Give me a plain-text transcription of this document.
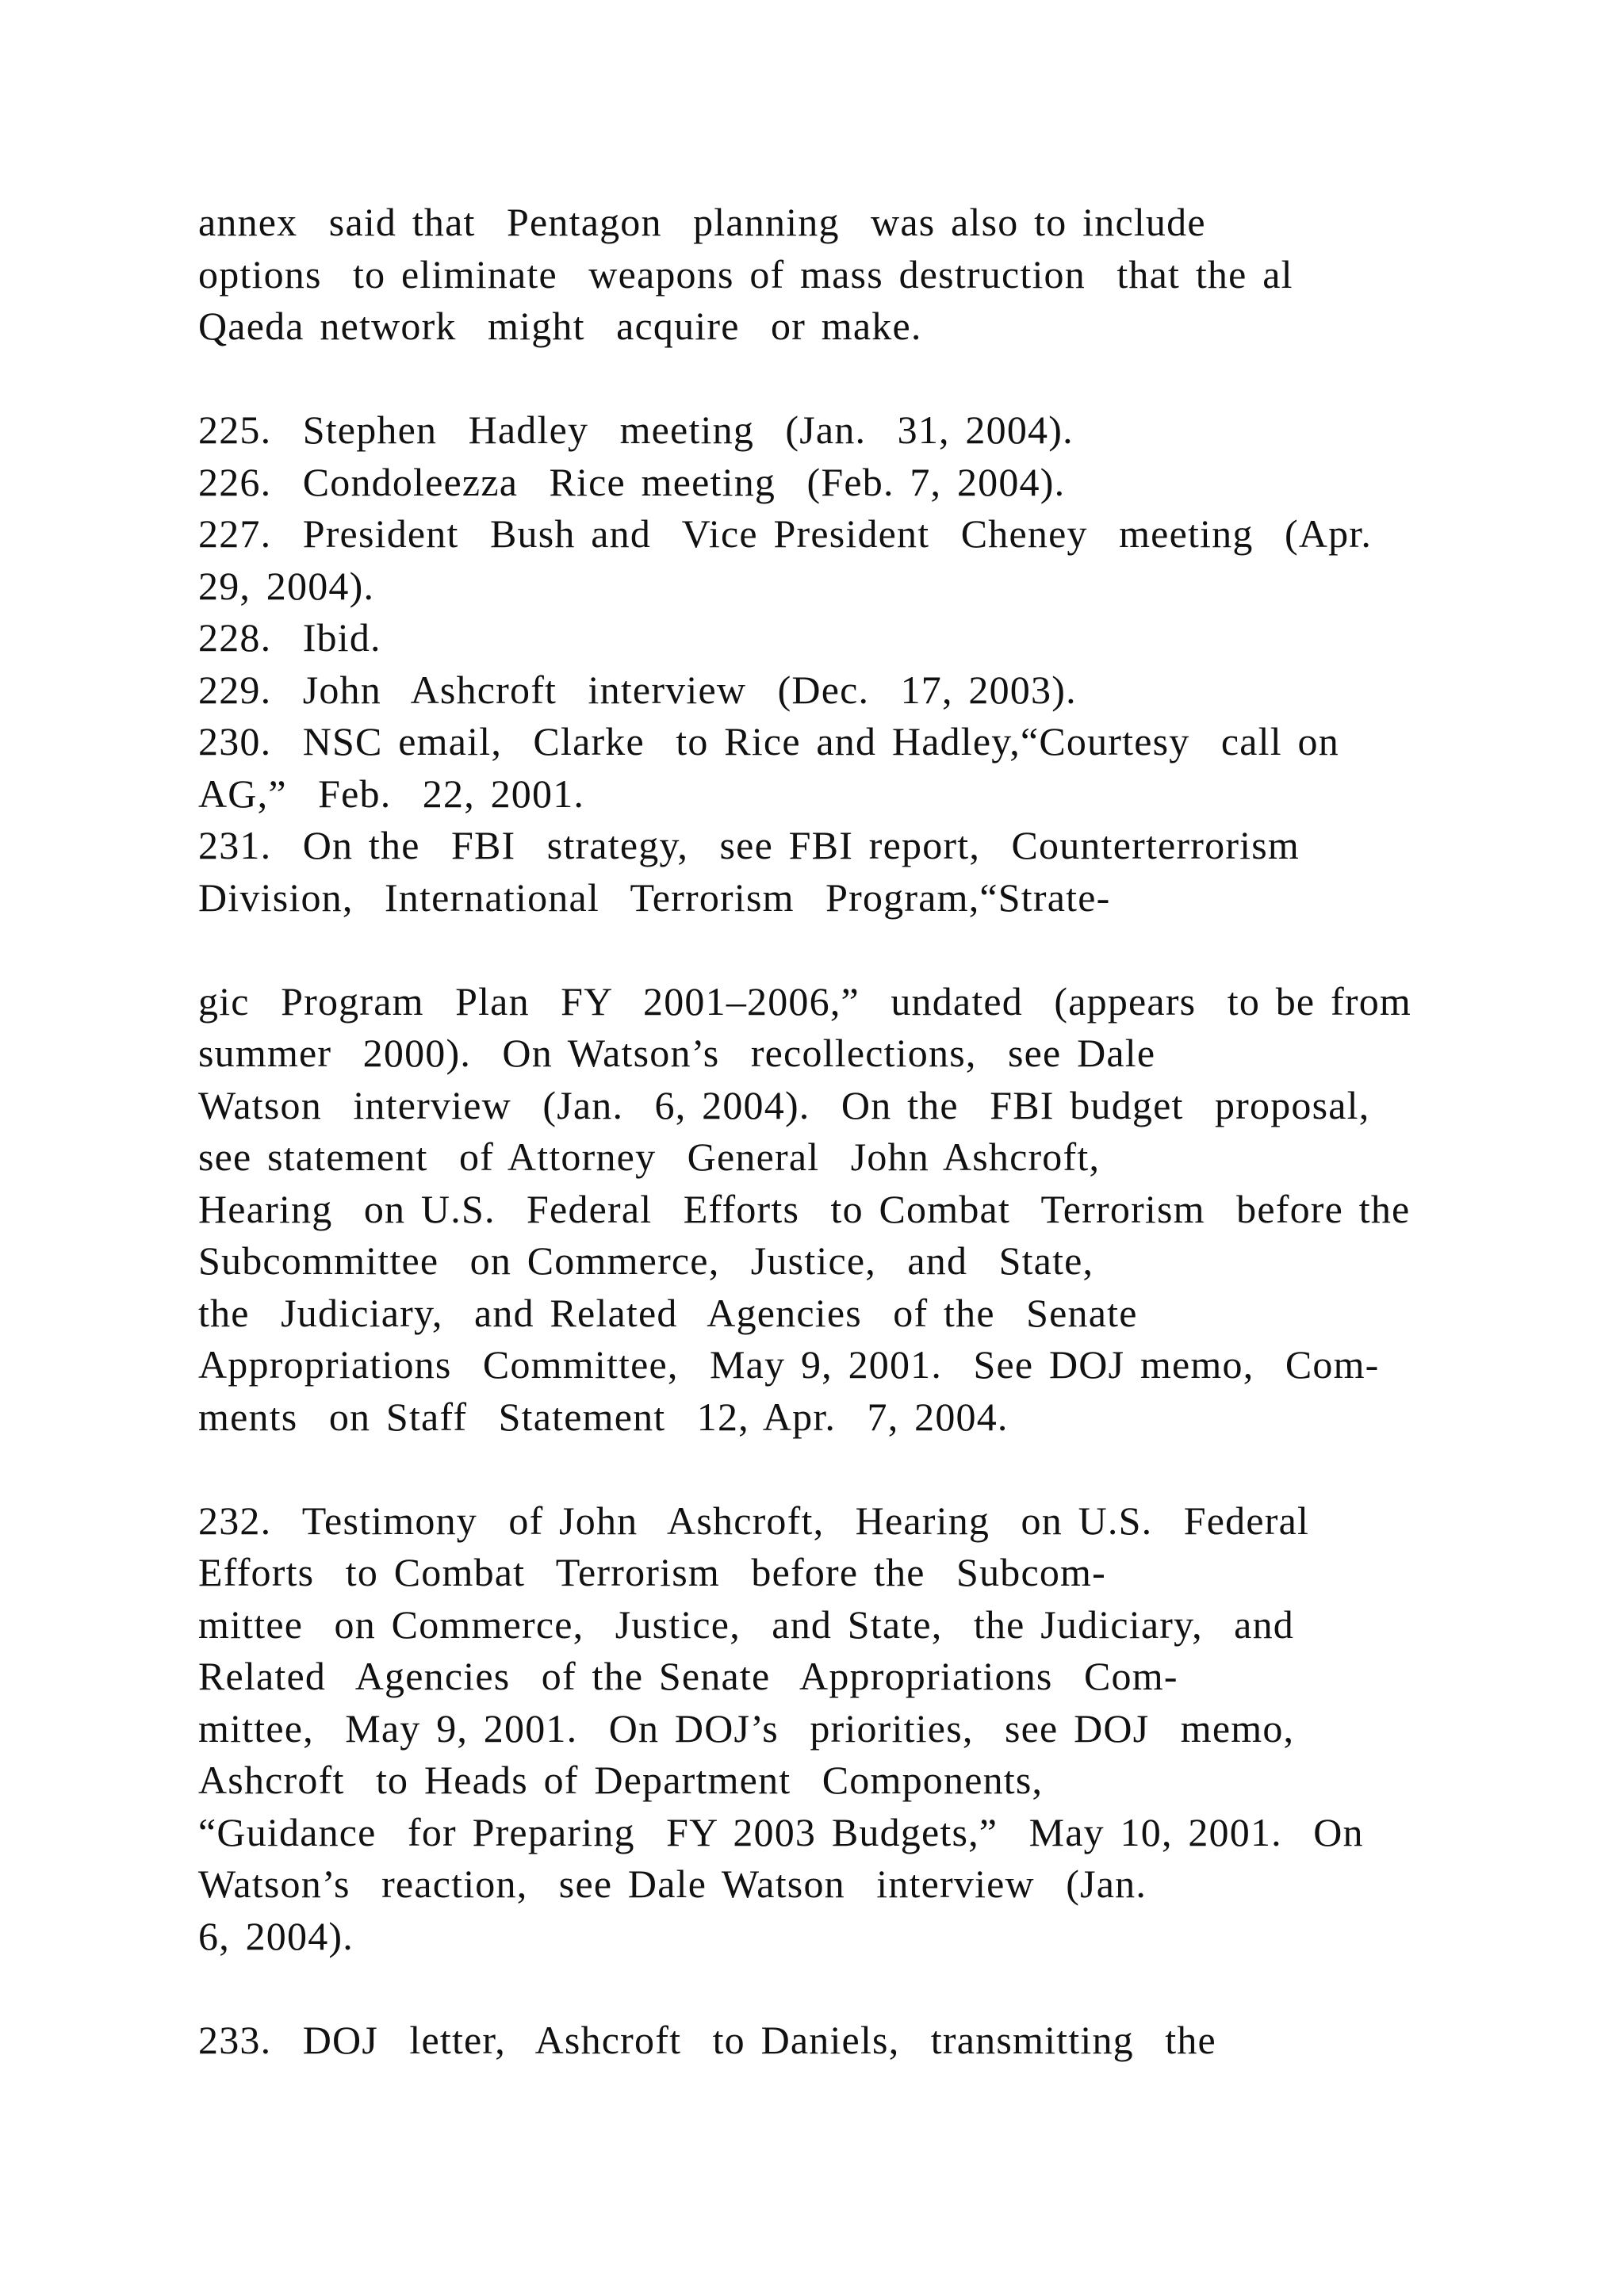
annex  said that  Pentagon  planning  was also to include
options  to eliminate  weapons of mass destruction  that the al
Qaeda network  might  acquire  or make.
225.  Stephen  Hadley  meeting  (Jan.  31, 2004).
226.  Condoleezza  Rice meeting  (Feb. 7, 2004).
227.  President  Bush and  Vice President  Cheney  meeting  (Apr.
29, 2004).
228.  Ibid.
229.  John  Ashcroft  interview  (Dec.  17, 2003).
230.  NSC email,  Clarke  to Rice and Hadley,“Courtesy  call on
AG,”  Feb.  22, 2001.
231.  On the  FBI  strategy,  see FBI report,  Counterterrorism
Division,  International  Terrorism  Program,“Strate-
gic  Program  Plan  FY  2001–2006,”  undated  (appears  to be from
summer  2000).  On Watson’s  recollections,  see Dale
Watson  interview  (Jan.  6, 2004).  On the  FBI budget  proposal,
see statement  of Attorney  General  John Ashcroft,
Hearing  on U.S.  Federal  Efforts  to Combat  Terrorism  before the
Subcommittee  on Commerce,  Justice,  and  State,
the  Judiciary,  and Related  Agencies  of the  Senate
Appropriations  Committee,  May 9, 2001.  See DOJ memo,  Com-
ments  on Staff  Statement  12, Apr.  7, 2004.
232.  Testimony  of John  Ashcroft,  Hearing  on U.S.  Federal
Efforts  to Combat  Terrorism  before the  Subcom-
mittee  on Commerce,  Justice,  and State,  the Judiciary,  and
Related  Agencies  of the Senate  Appropriations  Com-
mittee,  May 9, 2001.  On DOJ’s  priorities,  see DOJ  memo,
Ashcroft  to Heads of Department  Components,
“Guidance  for Preparing  FY 2003 Budgets,”  May 10, 2001.  On
Watson’s  reaction,  see Dale Watson  interview  (Jan.
6, 2004).
233.  DOJ  letter,  Ashcroft  to Daniels,  transmitting  the
